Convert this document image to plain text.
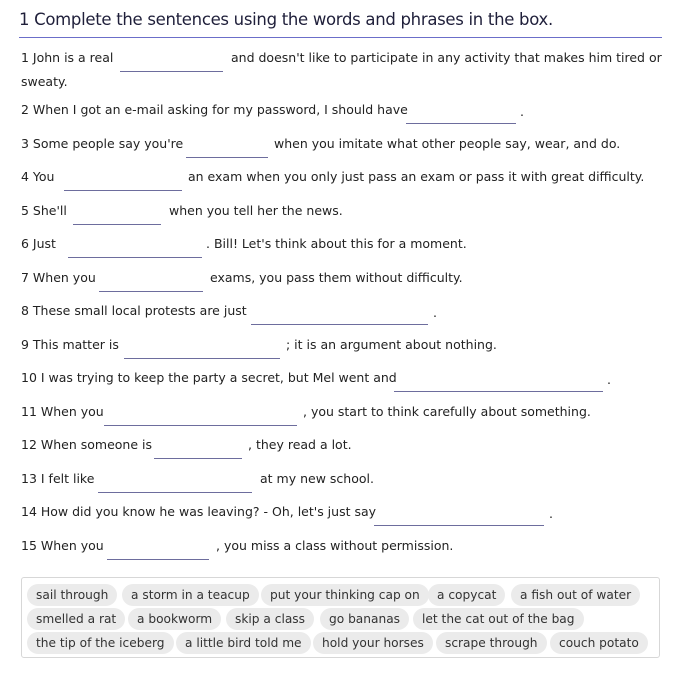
1 Complete the sentences using the words and phrases in the box.
1 John is a real	and doesn't like to participate in any activity that makes him tired or
sweaty.
2 When I got an e-mail asking for my password, I should have	.
3 Some people say you're	when you imitate what other people say, wear, and do.
4 You	an exam when you only just pass an exam or pass it with great difficulty.
5 She'll	when you tell her the news.
6 Just	. Bill! Let's think about this for a moment.
7 When you	exams, you pass them without difficulty.
8 These small local protests are just	.
9 This matter is	; it is an argument about nothing.
10 I was trying to keep the party a secret, but Mel went and	.
11 When you	, you start to think carefully about something.
12 When someone is	, they read a lot.
13 I felt like	at my new school.
14 How did you know he was leaving? - Oh, let's just say	.
15 When you	, you miss a class without permission.
sail through	a storm in a teacup	put your thinking cap on	a copycat	a fish out of water
smelled a rat	a bookworm	skip a class	go bananas	let the cat out of the bag
the tip of the iceberg	a little bird told me	hold your horses	scrape through	couch potato
